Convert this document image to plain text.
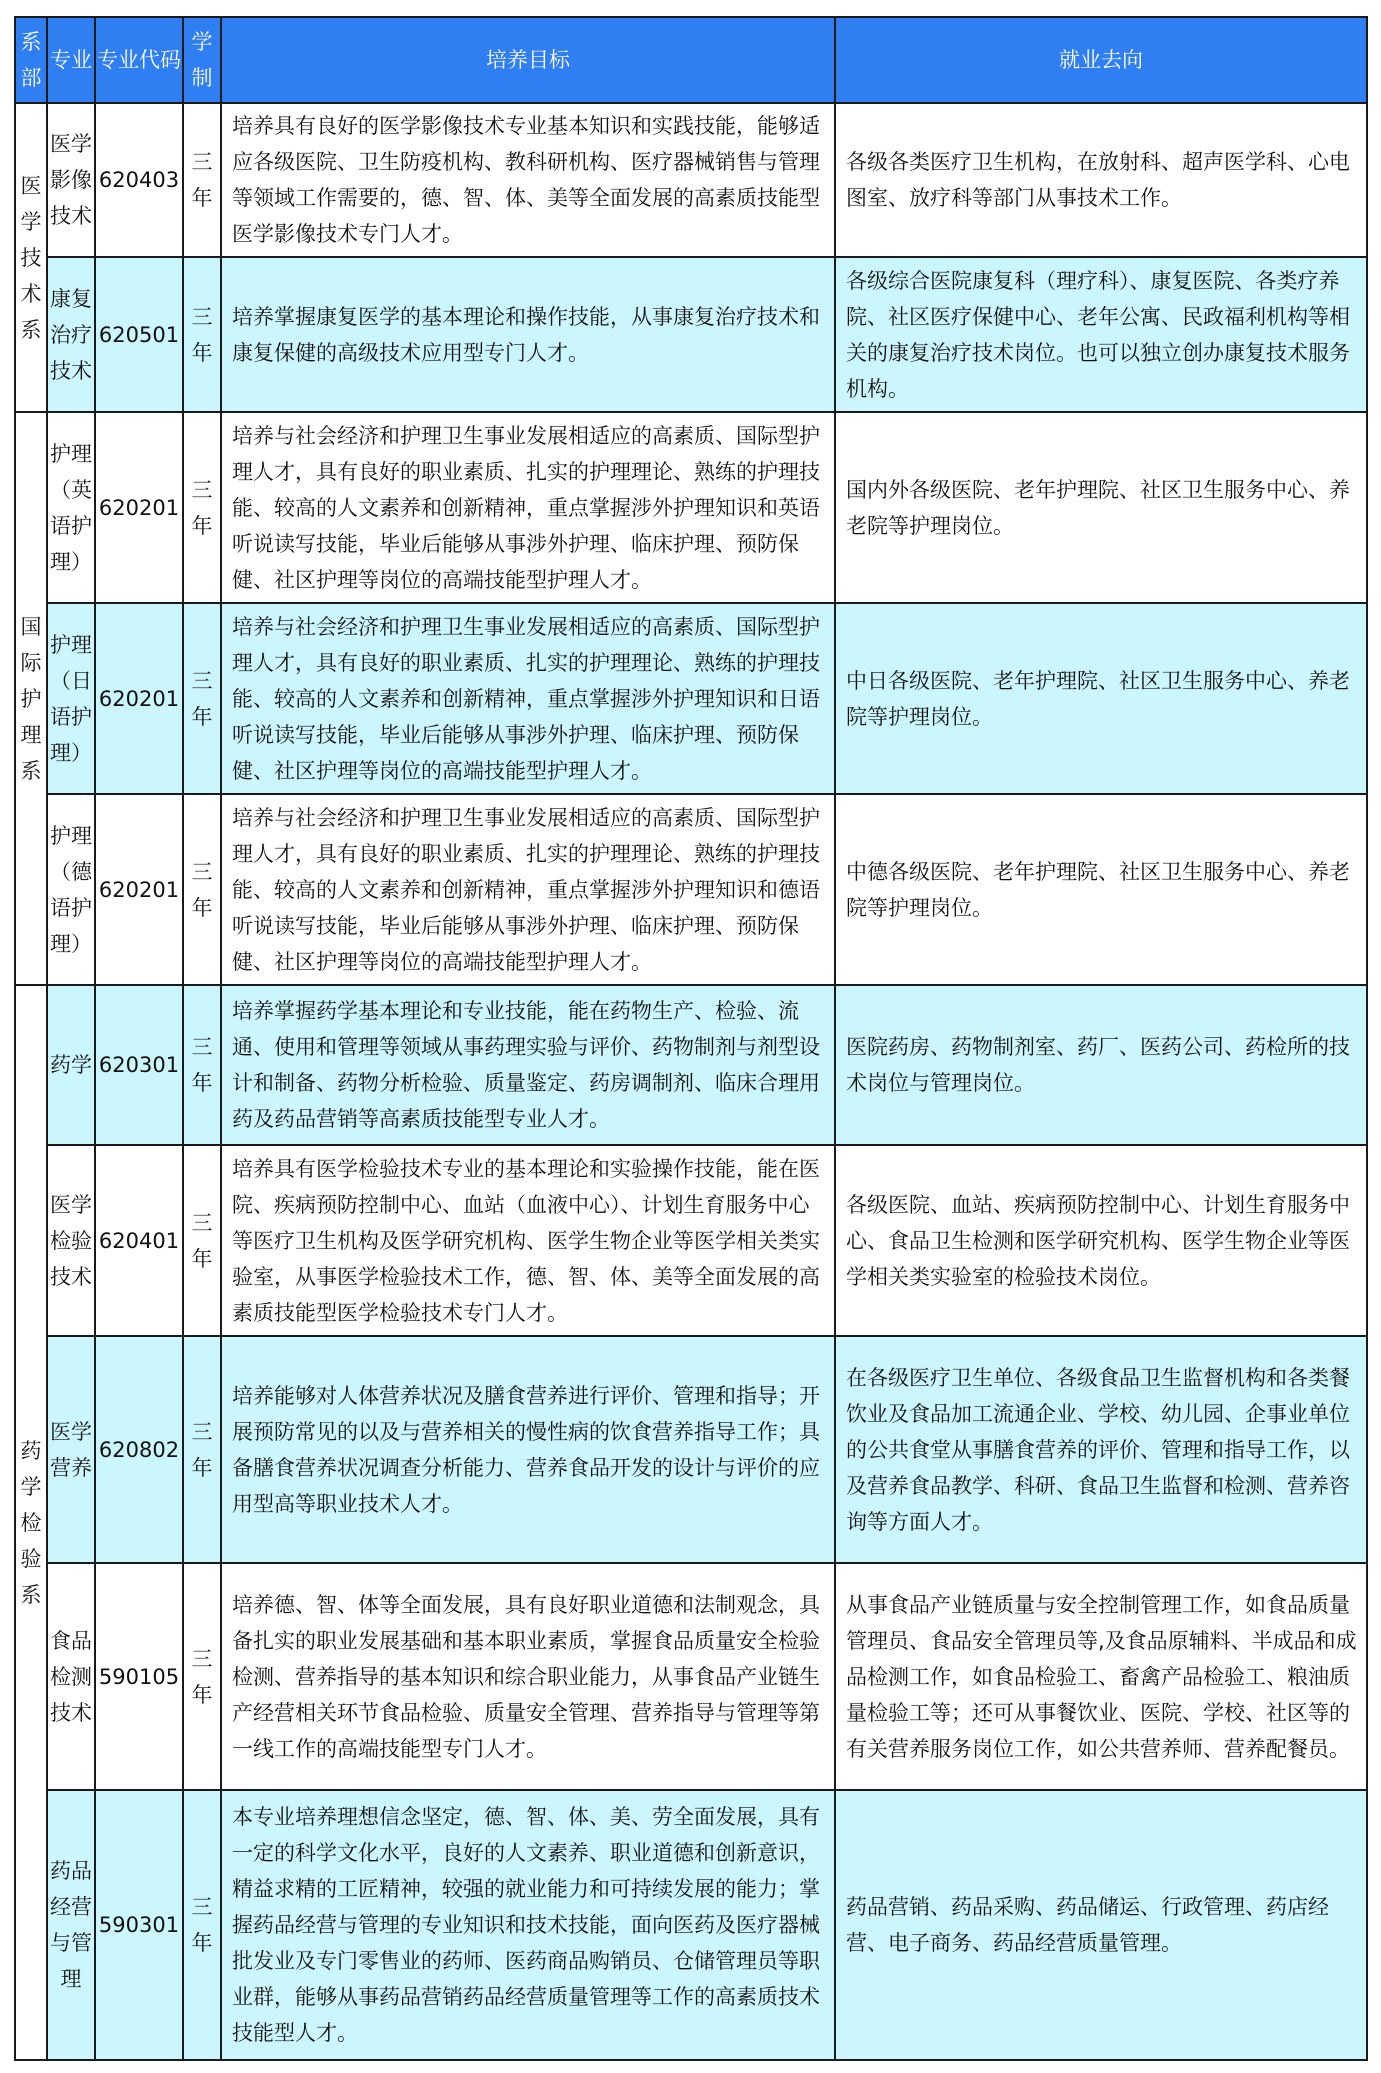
系部	专业	专业代码	学制	培养目标	就业去向
医学技术系	医学影像技术	620403	三年	培养具有良好的医学影像技术专业基本知识和实践技能，能够适应各级医院、卫生防疫机构、教科研机构、医疗器械销售与管理等领域工作需要的，德、智、体、美等全面发展的高素质技能型医学影像技术专门人才。	各级各类医疗卫生机构，在放射科、超声医学科、心电图室、放疗科等部门从事技术工作。
	康复治疗技术	620501	三年	培养掌握康复医学的基本理论和操作技能，从事康复治疗技术和康复保健的高级技术应用型专门人才。	各级综合医院康复科（理疗科）、康复医院、各类疗养院、社区医疗保健中心、老年公寓、民政福利机构等相关的康复治疗技术岗位。也可以独立创办康复技术服务机构。
国际护理系	护理（英语护理）	620201	三年	培养与社会经济和护理卫生事业发展相适应的高素质、国际型护理人才，具有良好的职业素质、扎实的护理理论、熟练的护理技能、较高的人文素养和创新精神，重点掌握涉外护理知识和英语听说读写技能，毕业后能够从事涉外护理、临床护理、预防保健、社区护理等岗位的高端技能型护理人才。	国内外各级医院、老年护理院、社区卫生服务中心、养老院等护理岗位。
	护理（日语护理）	620201	三年	培养与社会经济和护理卫生事业发展相适应的高素质、国际型护理人才，具有良好的职业素质、扎实的护理理论、熟练的护理技能、较高的人文素养和创新精神，重点掌握涉外护理知识和日语听说读写技能，毕业后能够从事涉外护理、临床护理、预防保健、社区护理等岗位的高端技能型护理人才。	中日各级医院、老年护理院、社区卫生服务中心、养老院等护理岗位。
	护理（德语护理）	620201	三年	培养与社会经济和护理卫生事业发展相适应的高素质、国际型护理人才，具有良好的职业素质、扎实的护理理论、熟练的护理技能、较高的人文素养和创新精神，重点掌握涉外护理知识和德语听说读写技能，毕业后能够从事涉外护理、临床护理、预防保健、社区护理等岗位的高端技能型护理人才。	中德各级医院、老年护理院、社区卫生服务中心、养老院等护理岗位。
药学检验系	药学	620301	三年	培养掌握药学基本理论和专业技能，能在药物生产、检验、流通、使用和管理等领域从事药理实验与评价、药物制剂与剂型设计和制备、药物分析检验、质量鉴定、药房调制剂、临床合理用药及药品营销等高素质技能型专业人才。	医院药房、药物制剂室、药厂、医药公司、药检所的技术岗位与管理岗位。
	医学检验技术	620401	三年	培养具有医学检验技术专业的基本理论和实验操作技能，能在医院、疾病预防控制中心、血站（血液中心）、计划生育服务中心等医疗卫生机构及医学研究机构、医学生物企业等医学相关类实验室，从事医学检验技术工作，德、智、体、美等全面发展的高素质技能型医学检验技术专门人才。	各级医院、血站、疾病预防控制中心、计划生育服务中心、食品卫生检测和医学研究机构、医学生物企业等医学相关类实验室的检验技术岗位。
	医学营养	620802	三年	培养能够对人体营养状况及膳食营养进行评价、管理和指导；开展预防常见的以及与营养相关的慢性病的饮食营养指导工作；具备膳食营养状况调查分析能力、营养食品开发的设计与评价的应用型高等职业技术人才。	在各级医疗卫生单位、各级食品卫生监督机构和各类餐饮业及食品加工流通企业、学校、幼儿园、企事业单位的公共食堂从事膳食营养的评价、管理和指导工作，以及营养食品教学、科研、食品卫生监督和检测、营养咨询等方面人才。
	食品检测技术	590105	三年	培养德、智、体等全面发展，具有良好职业道德和法制观念，具备扎实的职业发展基础和基本职业素质，掌握食品质量安全检验检测、营养指导的基本知识和综合职业能力，从事食品产业链生产经营相关环节食品检验、质量安全管理、营养指导与管理等第一线工作的高端技能型专门人才。	从事食品产业链质量与安全控制管理工作，如食品质量管理员、食品安全管理员等,及食品原辅料、半成品和成品检测工作，如食品检验工、畜禽产品检验工、粮油质量检验工等；还可从事餐饮业、医院、学校、社区等的有关营养服务岗位工作，如公共营养师、营养配餐员。
	药品经营与管理	590301	三年	本专业培养理想信念坚定，德、智、体、美、劳全面发展，具有一定的科学文化水平，良好的人文素养、职业道德和创新意识，精益求精的工匠精神，较强的就业能力和可持续发展的能力；掌握药品经营与管理的专业知识和技术技能，面向医药及医疗器械批发业及专门零售业的药师、医药商品购销员、仓储管理员等职业群，能够从事药品营销药品经营质量管理等工作的高素质技术技能型人才。	药品营销、药品采购、药品储运、行政管理、药店经营、电子商务、药品经营质量管理。
